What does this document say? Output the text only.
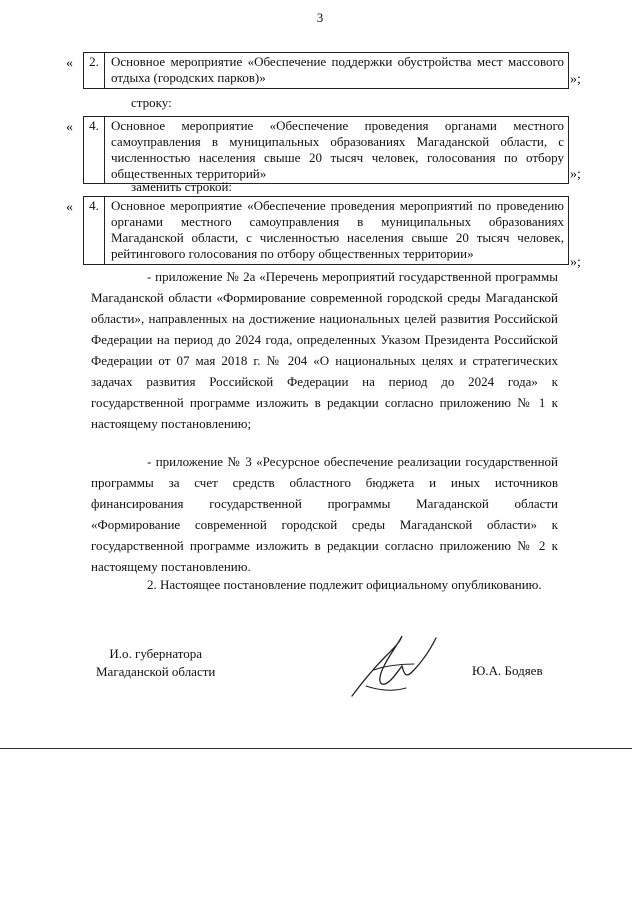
3
«	2. Основное мероприятие «Обеспечение поддержки обустройства мест массового отдыха (городских парков)»	»;
строку:
«	4. Основное мероприятие «Обеспечение проведения органами местного самоуправления в муниципальных образованиях Магаданской области, с численностью населения свыше 20 тысяч человек, голосования по отбору общественных территорий»	»;
заменить строкой:
«	4. Основное мероприятие «Обеспечение проведения мероприятий по проведению органами местного самоуправления в муниципальных образованиях Магаданской области, с численностью населения свыше 20 тысяч человек, рейтингового голосования по отбору общественных территории»
»;

- приложение № 2а «Перечень мероприятий государственной программы Магаданской области «Формирование современной городской среды Магаданской области», направленных на достижение национальных целей развития Российской Федерации на период до 2024 года, определенных Указом Президента Российской Федерации от 07 мая 2018 г. № 204 «О национальных целях и стратегических задачах развития Российской Федерации на период до 2024 года» к государственной программе изложить в редакции согласно приложению № 1 к настоящему постановлению;

- приложение № 3 «Ресурсное обеспечение реализации государственной программы за счет средств областного бюджета и иных источников финансирования государственной программы Магаданской области «Формирование современной городской среды Магаданской области» к государственной программе изложить в редакции согласно приложению № 2 к настоящему постановлению.

2. Настоящее постановление подлежит официальному опубликованию.

И.о. губернатора
Магаданской области	Ю.А. Бодяев
